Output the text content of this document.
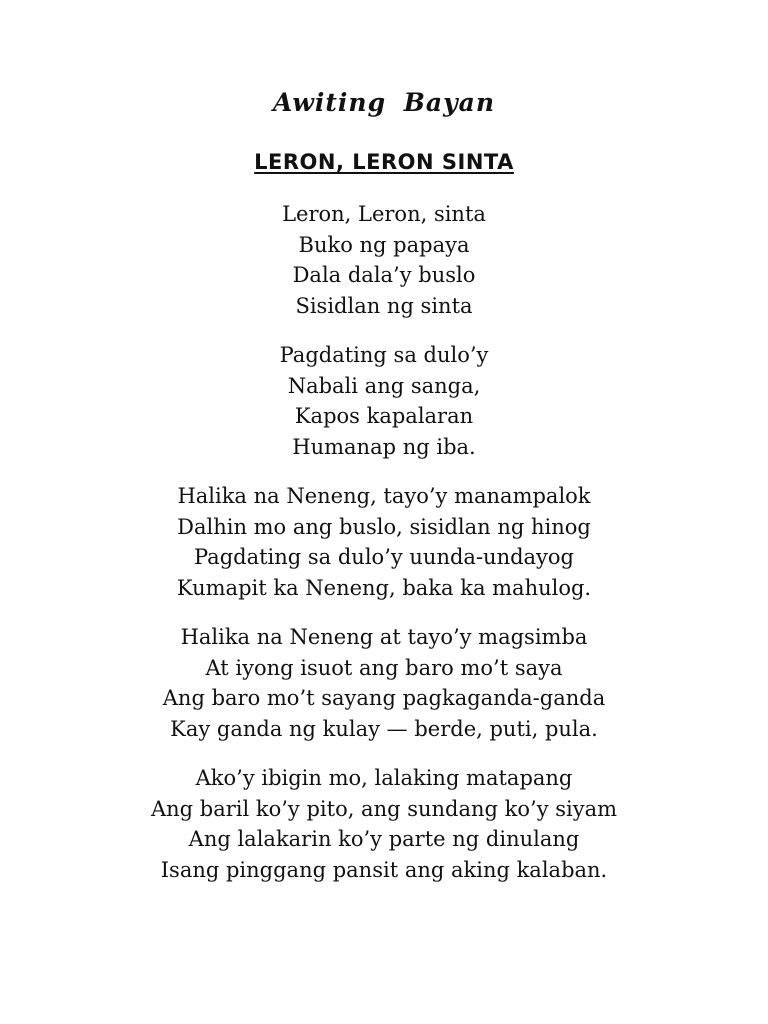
Awiting Bayan
LERON, LERON SINTA
Leron, Leron, sinta
Buko ng papaya
Dala dala’y buslo
Sisidlan ng sinta
Pagdating sa dulo’y
Nabali ang sanga,
Kapos kapalaran
Humanap ng iba.
Halika na Neneng, tayo’y manampalok
Dalhin mo ang buslo, sisidlan ng hinog
Pagdating sa dulo’y uunda-undayog
Kumapit ka Neneng, baka ka mahulog.
Halika na Neneng at tayo’y magsimba
At iyong isuot ang baro mo’t saya
Ang baro mo’t sayang pagkaganda-ganda
Kay ganda ng kulay — berde, puti, pula.
Ako’y ibigin mo, lalaking matapang
Ang baril ko’y pito, ang sundang ko’y siyam
Ang lalakarin ko’y parte ng dinulang
Isang pinggang pansit ang aking kalaban.
